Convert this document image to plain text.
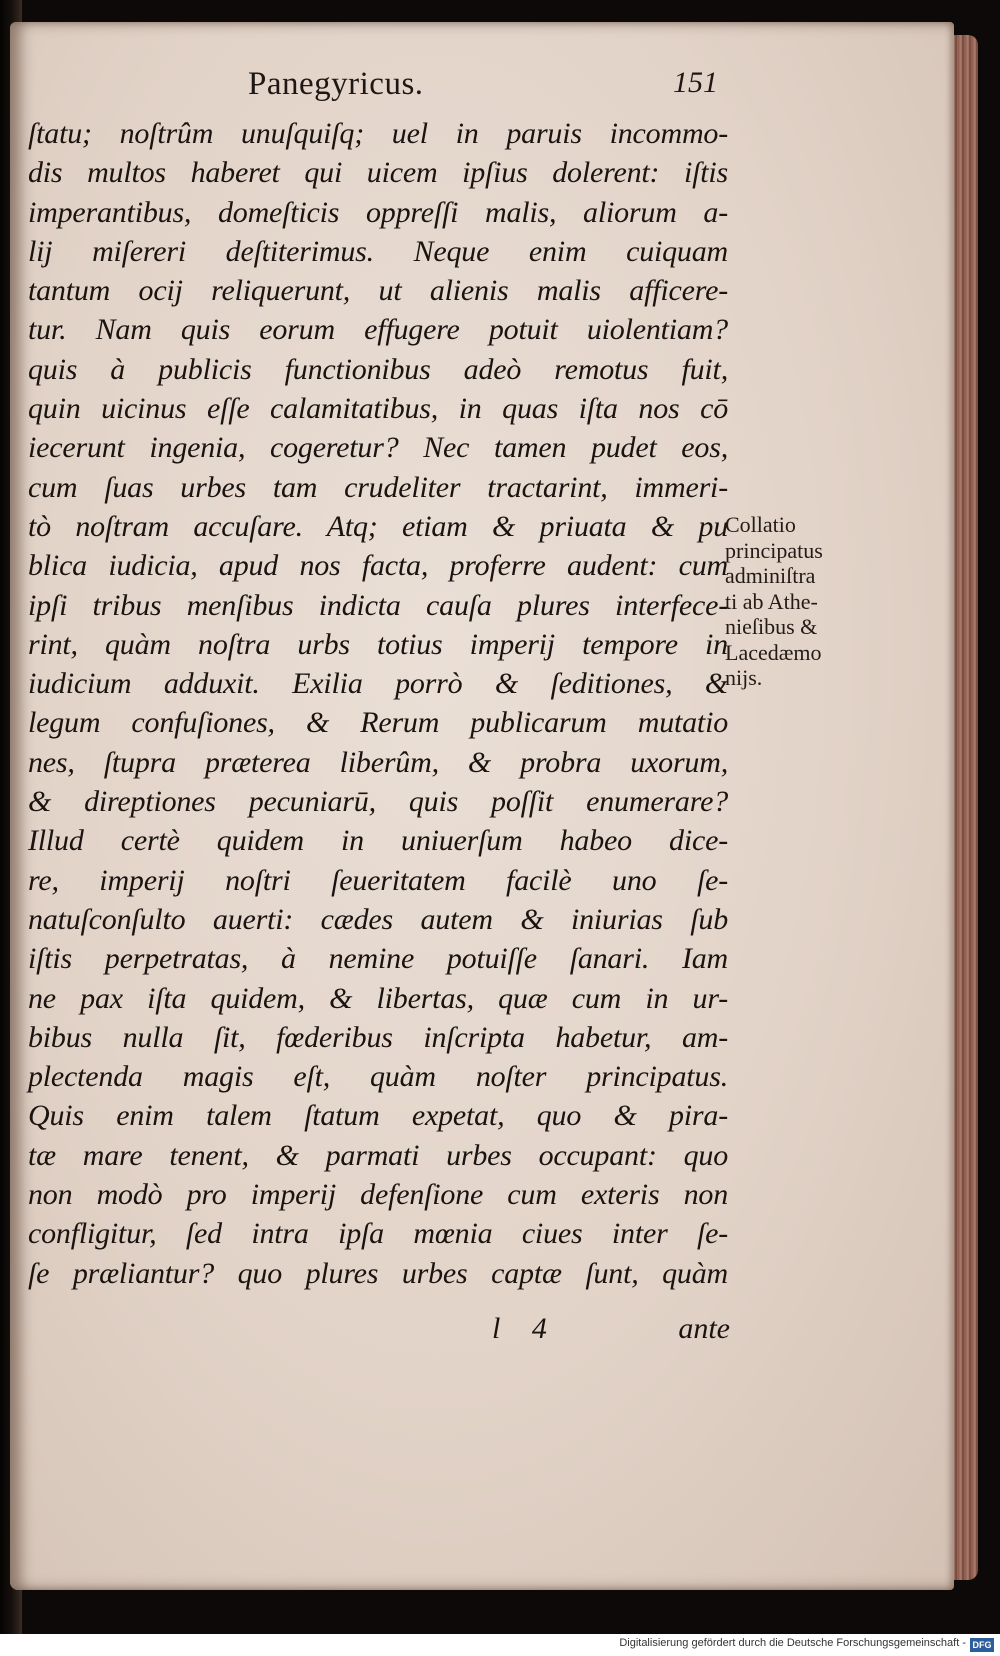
Panegyricus.	151
ſtatu; noſtrûm unuſquiſq; uel in paruis incommo-
dis multos haberet qui uicem ipſius dolerent: iſtis
imperantibus, domeſticis oppreſſi malis, aliorum a-
lij miſereri deſtiterimus. Neque enim cuiquam
tantum ocij reliquerunt, ut alienis malis afficere-
tur. Nam quis eorum effugere potuit uiolentiam?
quis à publicis functionibus adeò remotus fuit,
quin uicinus eſſe calamitatibus, in quas iſta nos cō
iecerunt ingenia, cogeretur? Nec tamen pudet eos,
cum ſuas urbes tam crudeliter tractarint, immeri-
tò noſtram accuſare. Atq; etiam & priuata & pu
blica iudicia, apud nos facta, proferre audent: cum
ipſi tribus menſibus indicta cauſa plures interfece-
rint, quàm noſtra urbs totius imperij tempore in
iudicium adduxit. Exilia porrò & ſeditiones, &
legum confuſiones, & Rerum publicarum mutatio
nes, ſtupra præterea liberûm, & probra uxorum,
& direptiones pecuniarū, quis poſſit enumerare?
Illud certè quidem in uniuerſum habeo dice-
re, imperij noſtri ſeueritatem facilè uno ſe-
natuſconſulto auerti: cædes autem & iniurias ſub
iſtis perpetratas, à nemine potuiſſe ſanari. Iam
ne pax iſta quidem, & libertas, quæ cum in ur-
bibus nulla ſit, fœderibus inſcripta habetur, am-
plectenda magis eſt, quàm noſter principatus.
Quis enim talem ſtatum expetat, quo & pira-
tæ mare tenent, & parmati urbes occupant: quo
non modò pro imperij defenſione cum exteris non
confligitur, ſed intra ipſa mœnia ciues inter ſe-
ſe præliantur? quo plures urbes captæ ſunt, quàm
l 4	ante
Collatio
principatus
adminiſtra
ti ab Athe-
nieſibus &
Lacedæmo
nijs.
Digitalisierung gefördert durch die Deutsche Forschungsgemeinschaft - DFG
